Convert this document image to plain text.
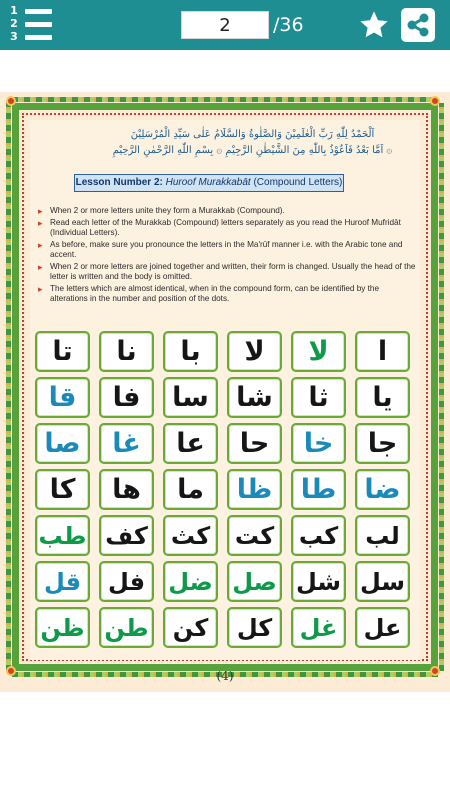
1
2
3
2
/36
اَلْحَمْدُ لِلّٰهِ رَبِّ الْعٰلَمِيْنَ وَالصَّلٰوةُ وَالسَّلَامُ عَلٰى سَيِّدِ الْمُرْسَلِيْنَ
اَمَّا بَعْدُ فَاَعُوْذُ بِاللّٰهِ مِنَ الشَّيْطٰنِ الرَّجِيْمِ ۞ بِسْمِ اللّٰهِ الرَّحْمٰنِ الرَّحِيْمِ ۞
Lesson Number 2: Huroof Murakkabāt (Compound Letters)
▸ When 2 or more letters unite they form a Murakkab (Compound).
▸ Read each letter of the Murakkab (Compound) letters separately as you read the Huroof Mufridāt (Individual Letters).
▸ As before, make sure you pronounce the letters in the Ma'rūf manner i.e. with the Arabic tone and accent.
▸ When 2 or more letters are joined together and written, their form is changed. Usually the head of the letter is written and the body is omitted.
▸ The letters which are almost identical, when in the compound form, can be identified by the alterations in the number and position of the dots.
ا
لا
لا
با
نا
تا
يا
ثا
شا
سا
فا
قا
جا
خا
حا
عا
غا
صا
ضا
طا
ظا
ما
ها
كا
لب
كب
كت
كث
كف
طب
سل
شل
صل
ضل
فل
قل
عل
غل
كل
كن
طن
ظن
(4)
